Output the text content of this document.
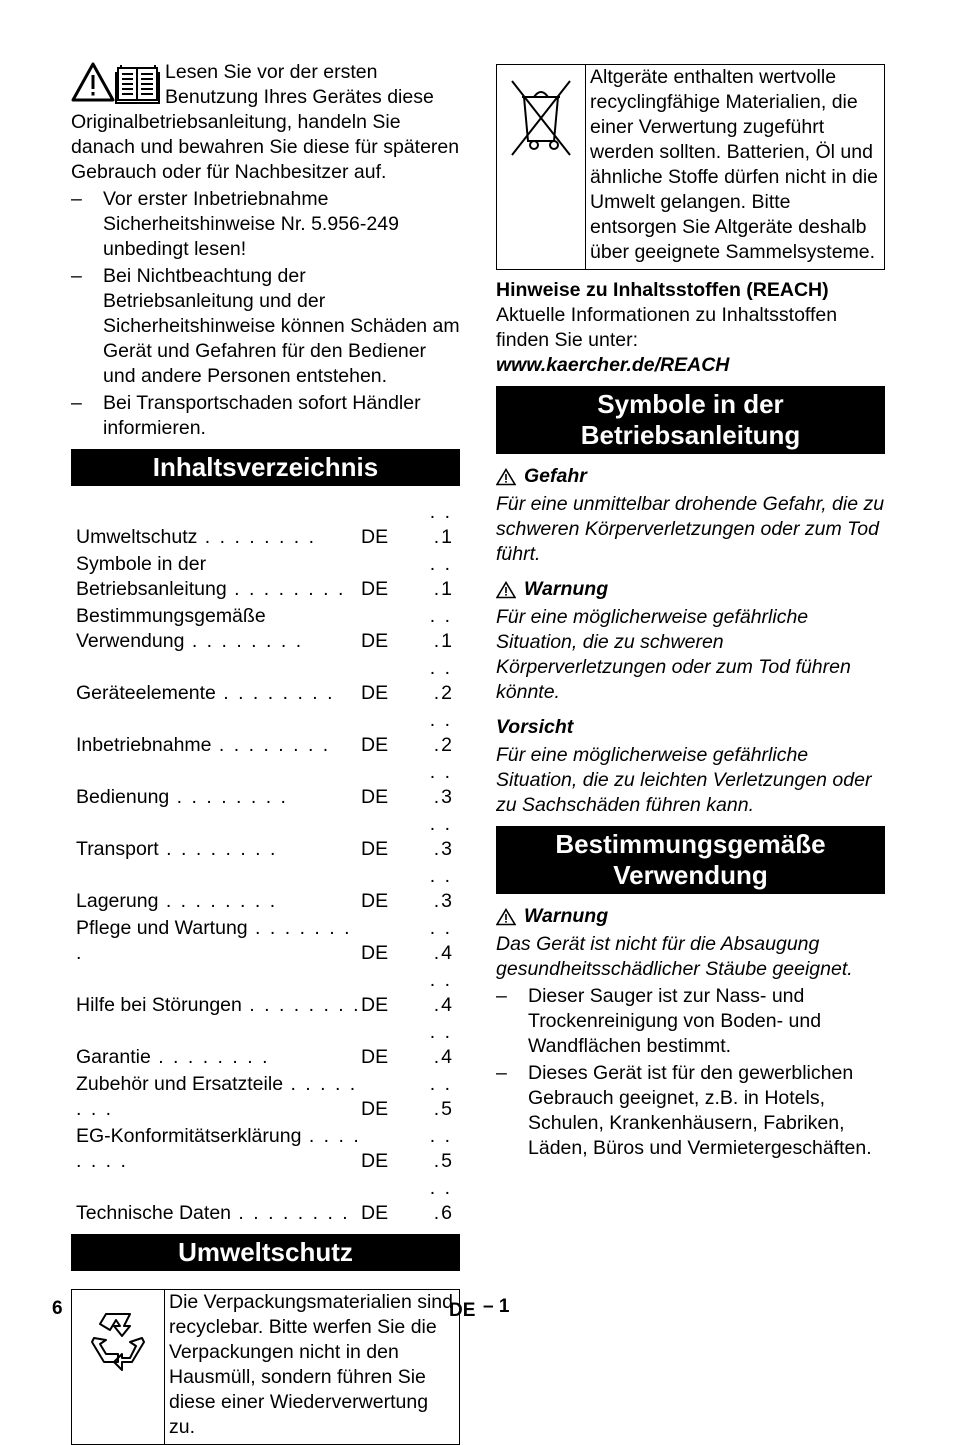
Lesen Sie vor der ersten Benutzung Ihres Gerätes diese Originalbetriebsanleitung, handeln Sie danach und bewahren Sie diese für späteren Gebrauch oder für Nachbesitzer auf.

– Vor erster Inbetriebnahme Sicherheitshinweise Nr. 5.956-249 unbedingt lesen!
– Bei Nichtbeachtung der Betriebsanleitung und der Sicherheitshinweise können Schäden am Gerät und Gefahren für den Bediener und andere Personen entstehen.
– Bei Transportschaden sofort Händler informieren.
Inhaltsverzeichnis
Umweltschutz . . . . . . . .	DE	. . .1
Symbole in der Betriebsanleitung . . . . . . . .	DE	. . .1
Bestimmungsgemäße Verwendung . . . . . . . .	DE	. . .1
Geräteelemente . . . . . . . .	DE	. . .2
Inbetriebnahme . . . . . . . .	DE	. . .2
Bedienung . . . . . . . .	DE	. . .3
Transport . . . . . . . .	DE	. . .3
Lagerung . . . . . . . .	DE	. . .3
Pflege und Wartung . . . . . . . .	DE	. . .4
Hilfe bei Störungen . . . . . . . .	DE	. . .4
Garantie . . . . . . . .	DE	. . .4
Zubehör und Ersatzteile . . . . . . . .	DE	. . .5
EG-Konformitätserklärung . . . . . . . .	DE	. . .5
Technische Daten . . . . . . . .	DE	. . .6
Umweltschutz
Die Verpackungsmaterialien sind recyclebar. Bitte werfen Sie die Verpackungen nicht in den Hausmüll, sondern führen Sie diese einer Wiederverwertung zu.
Altgeräte enthalten wertvolle recyclingfähige Materialien, die einer Verwertung zugeführt werden sollten. Batterien, Öl und ähnliche Stoffe dürfen nicht in die Umwelt gelangen. Bitte entsorgen Sie Altgeräte deshalb über geeignete Sammelsysteme.

Hinweise zu Inhaltsstoffen (REACH)

Aktuelle Informationen zu Inhaltsstoffen finden Sie unter:

www.kaercher.de/REACH

Symbole in der Betriebsanleitung
Gefahr

Für eine unmittelbar drohende Gefahr, die zu schweren Körperverletzungen oder zum Tod führt.

Warnung

Für eine möglicherweise gefährliche Situation, die zu schweren Körperverletzungen oder zum Tod führen könnte.

Vorsicht

Für eine möglicherweise gefährliche Situation, die zu leichten Verletzungen oder zu Sachschäden führen kann.

Bestimmungsgemäße Verwendung
Warnung

Das Gerät ist nicht für die Absaugung gesundheitsschädlicher Stäube geeignet.

– Dieser Sauger ist zur Nass- und Trockenreinigung von Boden- und Wandflächen bestimmt.
– Dieses Gerät ist für den gewerblichen Gebrauch geeignet, z.B. in Hotels, Schulen, Krankenhäusern, Fabriken, Läden, Büros und Vermietergeschäften.
6	DE – 1
